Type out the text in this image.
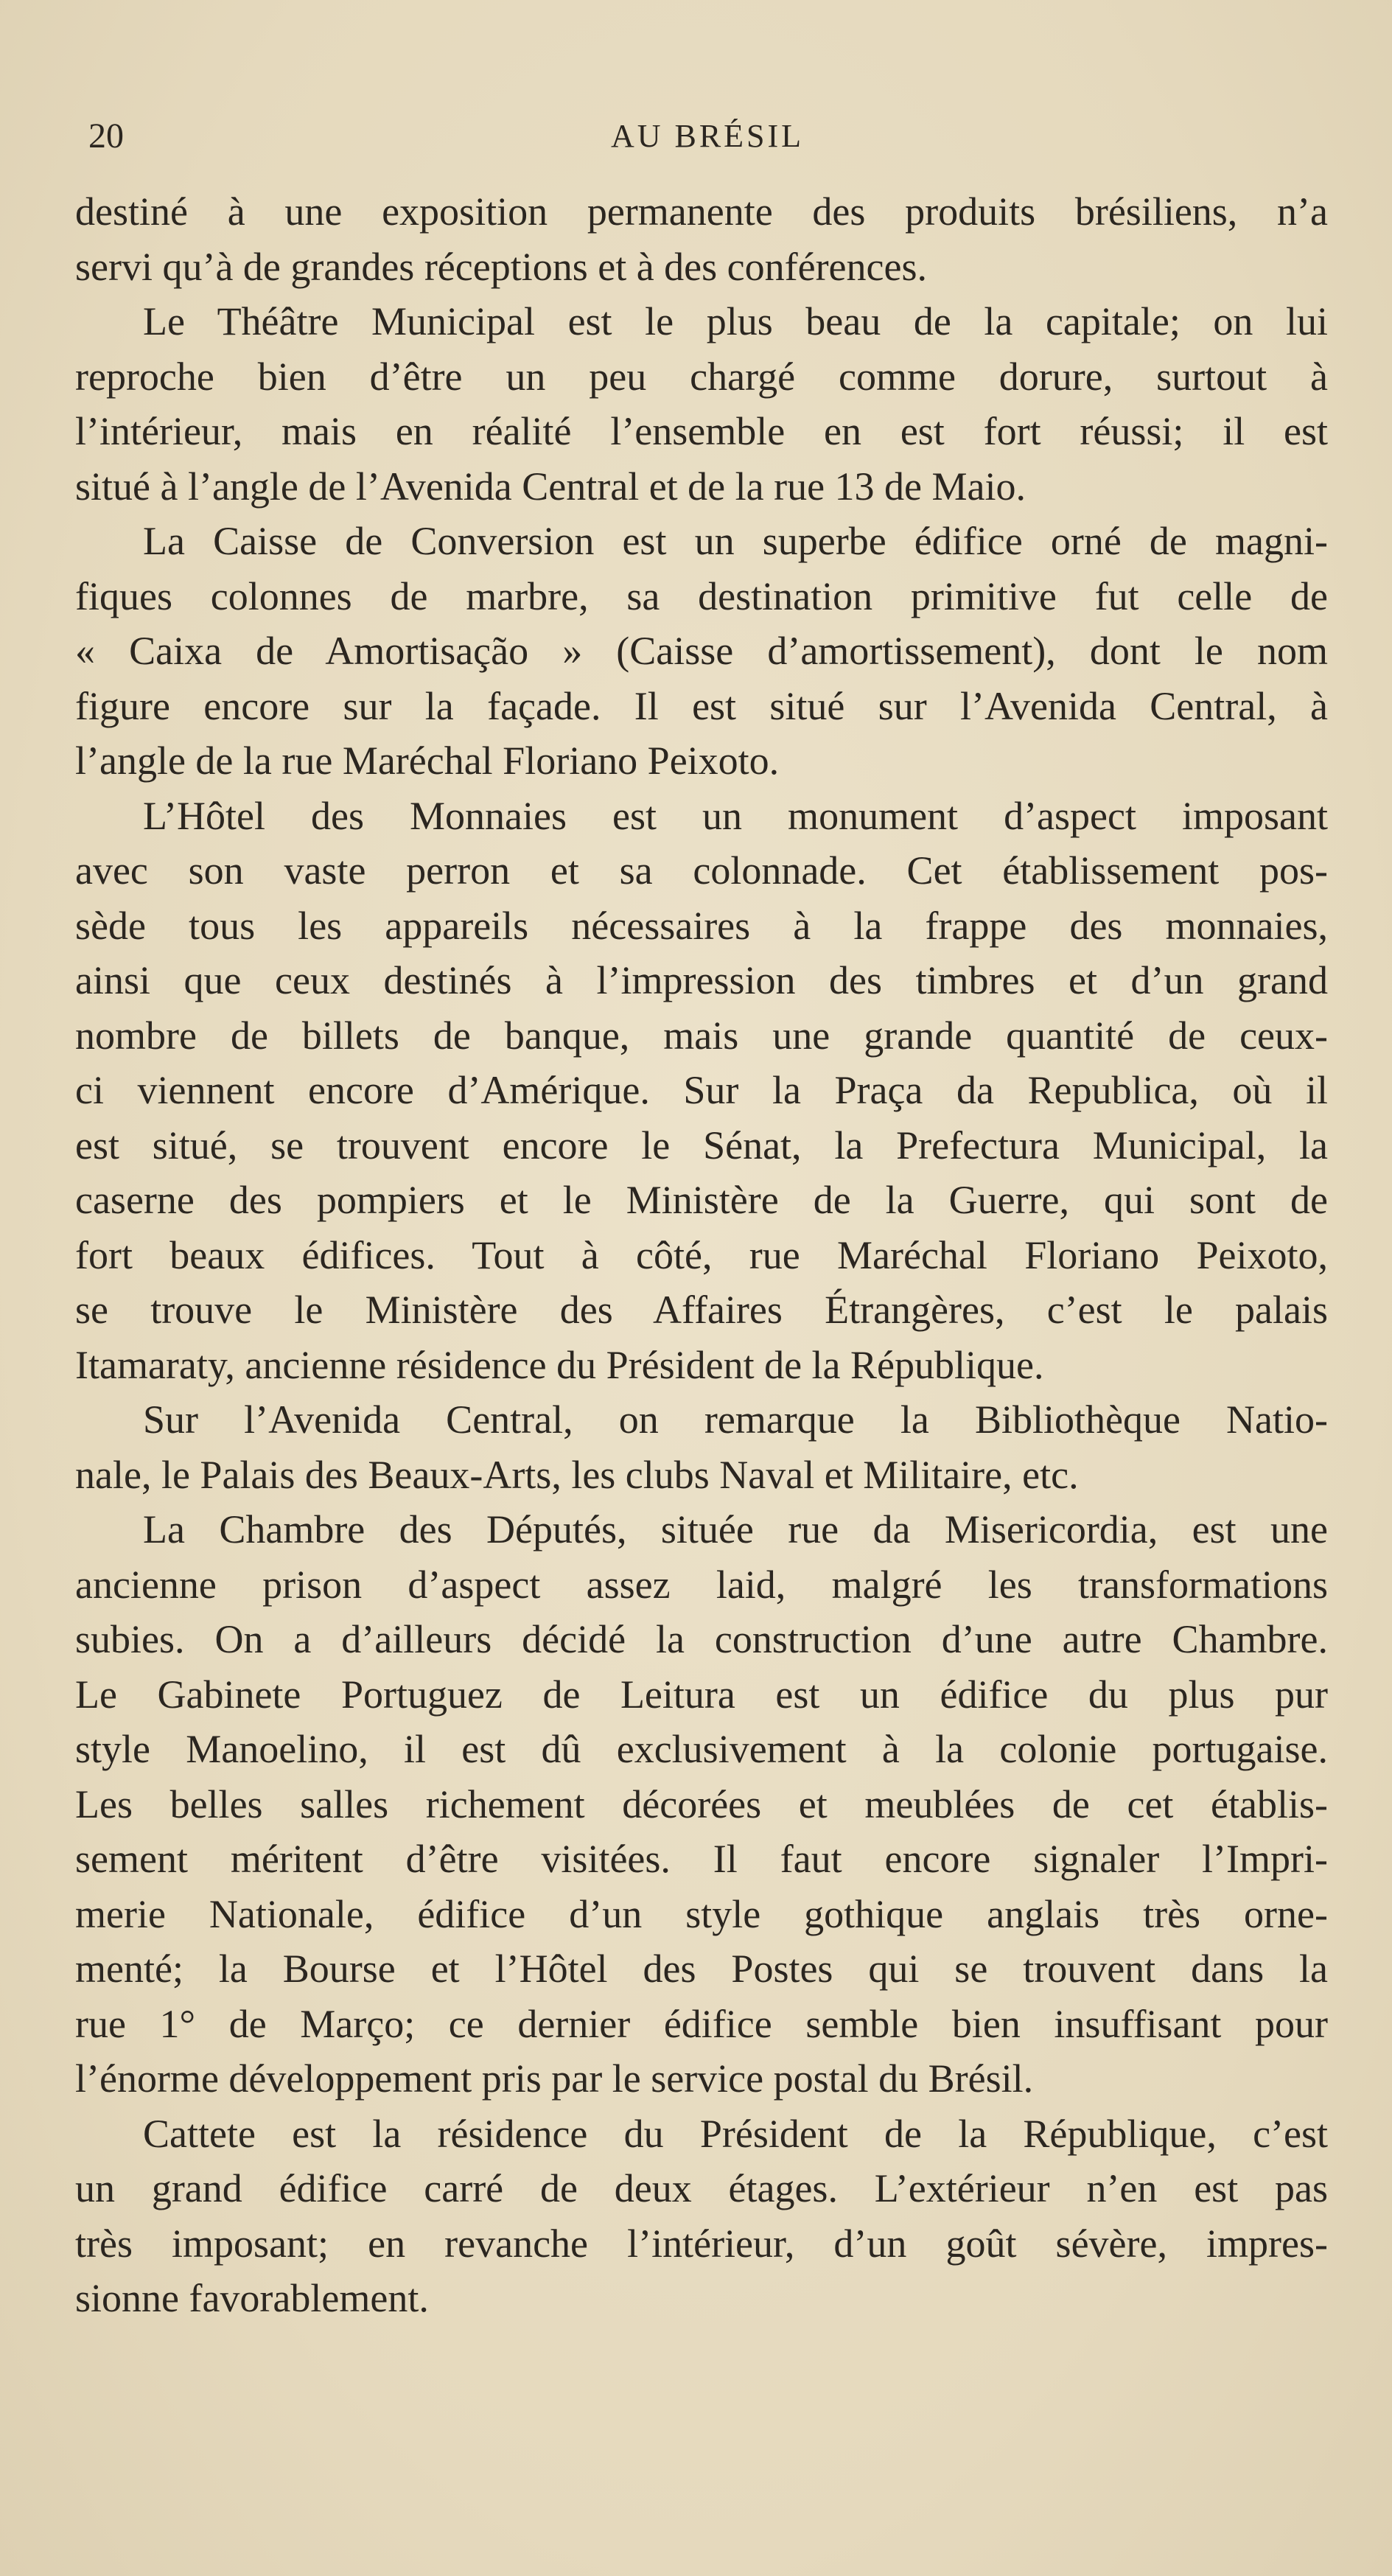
20	AU BRÉSIL
destiné à une exposition permanente des produits brésiliens, n’a
servi qu’à de grandes réceptions et à des conférences.
Le Théâtre Municipal est le plus beau de la capitale; on lui
reproche bien d’être un peu chargé comme dorure, surtout à
l’intérieur, mais en réalité l’ensemble en est fort réussi; il est
situé à l’angle de l’Avenida Central et de la rue 13 de Maio.
La Caisse de Conversion est un superbe édifice orné de magni-
fiques colonnes de marbre, sa destination primitive fut celle de
« Caixa de Amortisação » (Caisse d’amortissement), dont le nom
figure encore sur la façade. Il est situé sur l’Avenida Central, à
l’angle de la rue Maréchal Floriano Peixoto.
L’Hôtel des Monnaies est un monument d’aspect imposant
avec son vaste perron et sa colonnade. Cet établissement pos-
sède tous les appareils nécessaires à la frappe des monnaies,
ainsi que ceux destinés à l’impression des timbres et d’un grand
nombre de billets de banque, mais une grande quantité de ceux-
ci viennent encore d’Amérique. Sur la Praça da Republica, où il
est situé, se trouvent encore le Sénat, la Prefectura Municipal, la
caserne des pompiers et le Ministère de la Guerre, qui sont de
fort beaux édifices. Tout à côté, rue Maréchal Floriano Peixoto,
se trouve le Ministère des Affaires Étrangères, c’est le palais
Itamaraty, ancienne résidence du Président de la République.
Sur l’Avenida Central, on remarque la Bibliothèque Natio-
nale, le Palais des Beaux-Arts, les clubs Naval et Militaire, etc.
La Chambre des Députés, située rue da Misericordia, est une
ancienne prison d’aspect assez laid, malgré les transformations
subies. On a d’ailleurs décidé la construction d’une autre Chambre.
Le Gabinete Portuguez de Leitura est un édifice du plus pur
style Manoelino, il est dû exclusivement à la colonie portugaise.
Les belles salles richement décorées et meublées de cet établis-
sement méritent d’être visitées. Il faut encore signaler l’Impri-
merie Nationale, édifice d’un style gothique anglais très orne-
menté; la Bourse et l’Hôtel des Postes qui se trouvent dans la
rue 1° de Março; ce dernier édifice semble bien insuffisant pour
l’énorme développement pris par le service postal du Brésil.
Cattete est la résidence du Président de la République, c’est
un grand édifice carré de deux étages. L’extérieur n’en est pas
très imposant; en revanche l’intérieur, d’un goût sévère, impres-
sionne favorablement.
